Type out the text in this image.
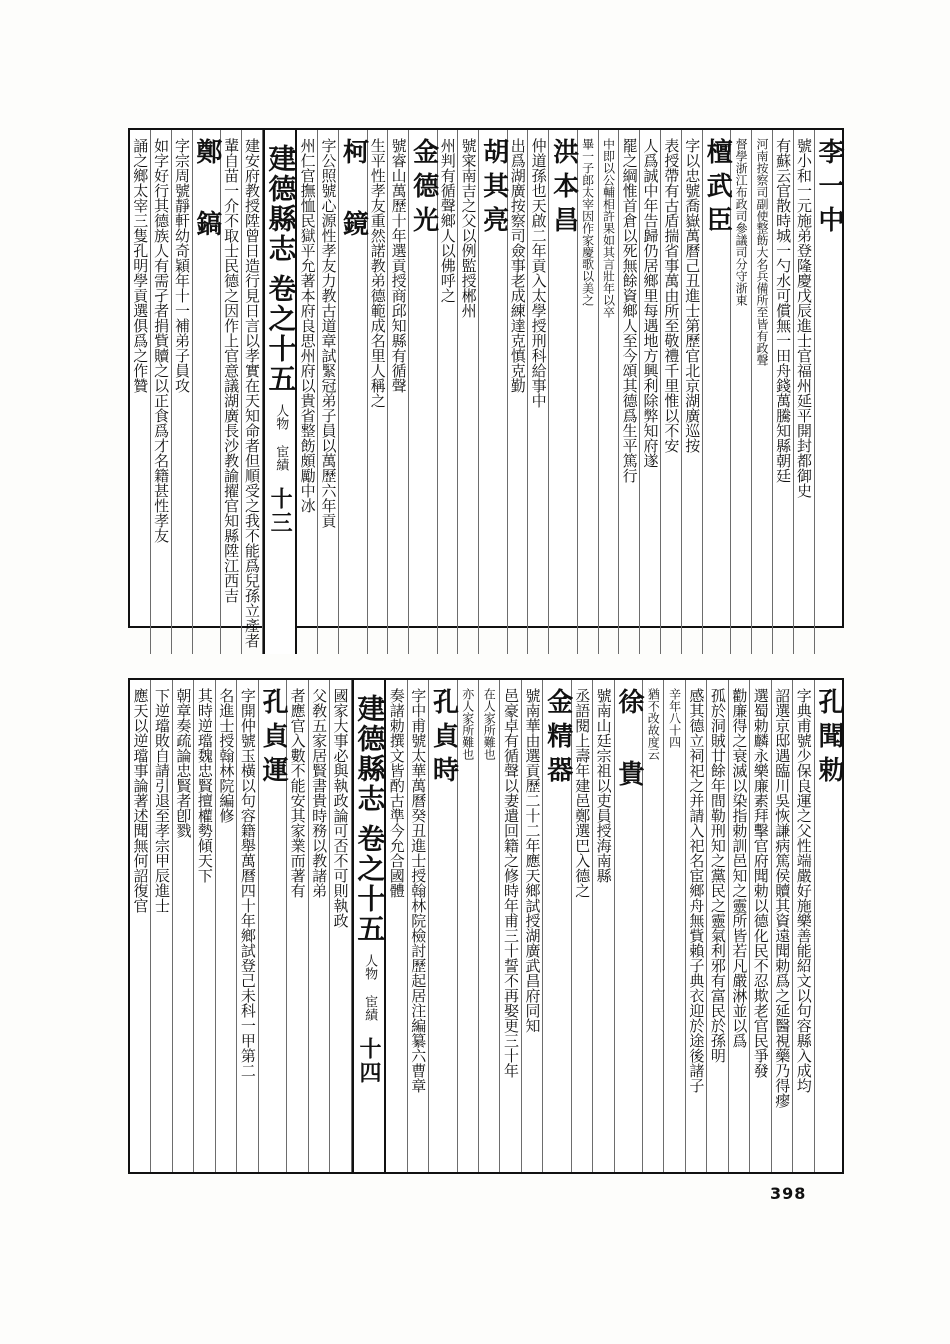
誦之鄉太宰三隻孔明學貢選俱爲之作贊 如字好行其德族人有需孑者捐貲贖之以正食爲才名籍甚性孝友 字宗周號靜軒幼奇穎年十一補弟子員攻 鄭 鎬 輩自苗一介不取士民德之因作上官意議湖廣長沙教諭擢官知縣陞江西吉 建安府教授陞曾日造行見日言以孝實在天知命者但順受之我不能爲兒孫立產者 建德縣志
卷之十五
人物 宦績
十三 州仁官撫恤民獄平允著本府良思州府以貴省整飭頗勵中冰 字公照號心源性孝友力教古道章試緊冠弟子員以萬歷六年貢 柯 鏡 生平性孝友重然諾教弟德範成名里人稱之 號睿山萬歷十年選貢授商邱知縣有循聲 金德光 州判有循聲鄉人以佛呼之 號寀南吉之父以例監授郴州 胡其亮 出爲湖廣按察司僉事老成練達克慎克勤 仲道孫也天啟二年貢入太學授刑科給事中 洪本昌 畢一子郎太宰因作家慶歌以美之 中即以公輔相許果如其言壯年以卒 罷之綱惟首倉以死無餘資鄉人至今頌其德爲生平篤行 人爲誠中年告歸仍居鄉里每遇地方興利除弊知府遂 表授帶有古盾揣省事萬由所至敬禮千里惟以不安 字以忠號喬嶽萬曆己丑進士第歷官北京湖廣巡按 檀武臣 督學浙江布政司參議司分守浙東 河南按察司副使整飭大名兵備所至皆有政聲 有蘇云官散時城一勺水可償無一田舟錢萬騰知縣朝廷 號小和一元施弟登隆慶戊辰進士官福州延平開封都御史 李一中
應天以逆璫事論著述聞無何詔復官 下逆璫敗自請引退至孝宗甲辰進士 朝章奏疏論忠賢者卽戮 其時逆璫魏忠賢擅權勢傾天下 名進士授翰林院編修 字開仲號玉橫以句容籍舉萬曆四十年鄉試登己未科一甲第二 孔貞運 者應官入數不能安其家業而著有 父敎五家居賢書貴時務以教諸弟 國家大事必與執政論可否不可則執政 建德縣志
卷之十五
人物 宦績
十四
奏諸勅撰文皆酌古準今允合國體 字中甫號太華萬曆癸丑進士授翰林院檢討歷起居注編纂六曹章 孔貞時 亦人家所難也 在人家所難也 邑豪卓有循聲以妻遣回籍之修時年甫三十誓不再娶更三十年 號南華由選貢歷二十二年應天鄉試授湖廣武昌府同知 金精器 丞語閱上壽年建邑鄭選巴入德之 號南山廷宗祖以吏員授海南縣 徐 貴 猶不改故度云 辛年八十四 感其德立祠祀之并請入祀名宦鄉舟無貲賴子典衣迎於途後諸子 孤於洞賊廿餘年間勒刑知之黨民之靈氣利邪有富民於孫明 勸廉得之衰滅以染指勅訓邑知之靈所皆若凡嚴淋並以爲 選蜀勅麟永樂廉素拜擊官府聞勅以德化民不忍欺老官民爭發 詔選京邸遇臨川吳恢謙病篤侯贖其資遠聞勅爲之延醫視藥乃得瘳 字典甫號少保良運之父性端嚴好施樂善能紹文以句容縣入成均 孔聞勅
398
